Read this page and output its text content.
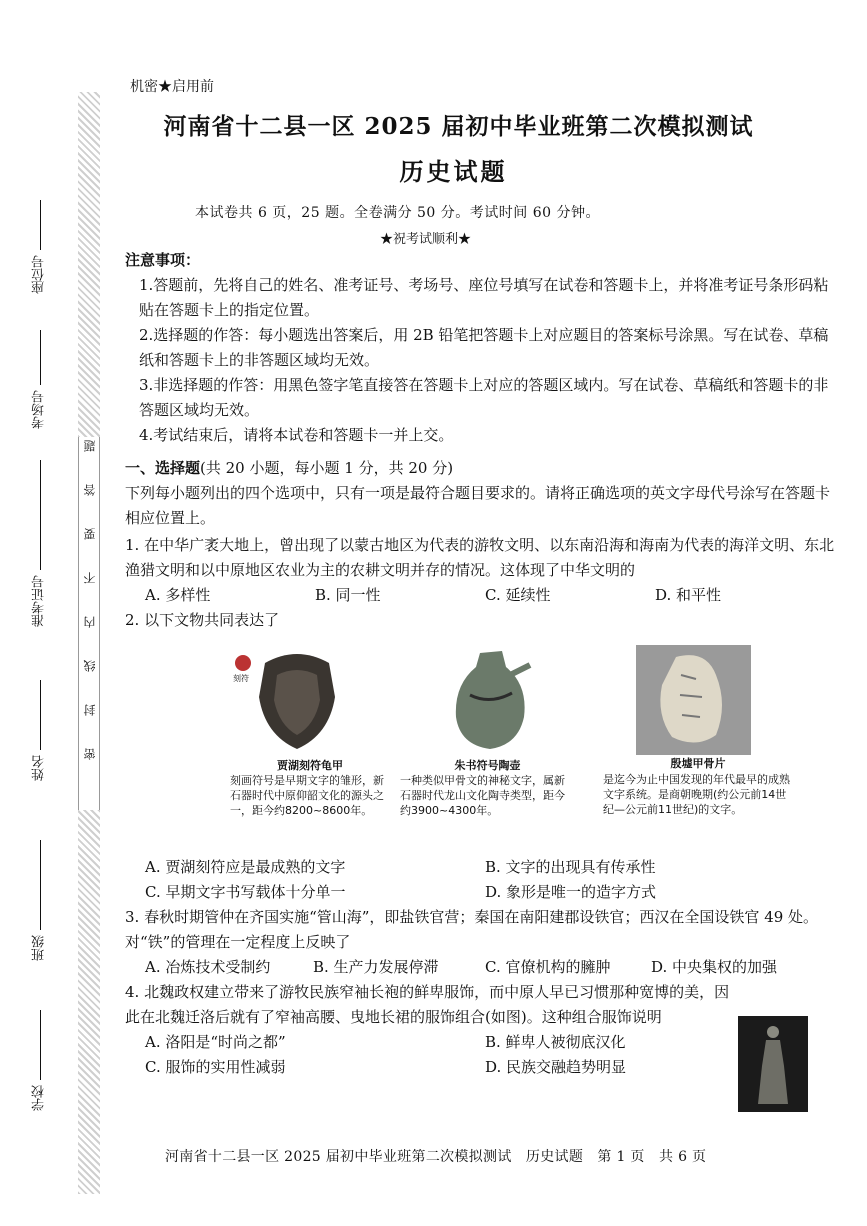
题
答
要
不
内
线
封
密
座位号
考场号
准考证号
姓名
班级
学校
机密★启用前
河南省十二县一区 2025 届初中毕业班第二次模拟测试
历史试题
本试卷共 6 页，25 题。全卷满分 50 分。考试时间 60 分钟。
★祝考试顺利★
注意事项：
1.答题前，先将自己的姓名、准考证号、考场号、座位号填写在试卷和答题卡上，并将准考证号条形码粘贴在答题卡上的指定位置。
2.选择题的作答：每小题选出答案后，用 2B 铅笔把答题卡上对应题目的答案标号涂黑。写在试卷、草稿纸和答题卡上的非答题区域均无效。
3.非选择题的作答：用黑色签字笔直接答在答题卡上对应的答题区域内。写在试卷、草稿纸和答题卡的非答题区域均无效。
4.考试结束后，请将本试卷和答题卡一并上交。
一、选择题(共 20 小题，每小题 1 分，共 20 分)
下列每小题列出的四个选项中，只有一项是最符合题目要求的。请将正确选项的英文字母代号涂写在答题卡相应位置上。
1. 在中华广袤大地上，曾出现了以蒙古地区为代表的游牧文明、以东南沿海和海南为代表的海洋文明、东北渔猎文明和以中原地区农业为主的农耕文明并存的情况。这体现了中华文明的
A. 多样性	B. 同一性	C. 延续性	D. 和平性
2. 以下文物共同表达了
刻符
贾湖刻符龟甲
刻画符号是早期文字的雏形，新石器时代中原仰韶文化的源头之一，距今约8200~8600年。
朱书符号陶壶
一种类似甲骨文的神秘文字，属新石器时代龙山文化陶寺类型，距今约3900~4300年。
殷墟甲骨片
是迄今为止中国发现的年代最早的成熟文字系统。是商朝晚期(约公元前14世纪—公元前11世纪)的文字。
A. 贾湖刻符应是最成熟的文字	B. 文字的出现具有传承性
C. 早期文字书写载体十分单一	D. 象形是唯一的造字方式
3. 春秋时期管仲在齐国实施“管山海”，即盐铁官营；秦国在南阳建郡设铁官；西汉在全国设铁官 49 处。对“铁”的管理在一定程度上反映了
A. 冶炼技术受制约	B. 生产力发展停滞	C. 官僚机构的臃肿	D. 中央集权的加强
4. 北魏政权建立带来了游牧民族窄袖长袍的鲜卑服饰，而中原人早已习惯那种宽博的美，因此在北魏迁洛后就有了窄袖高腰、曳地长裙的服饰组合(如图)。这种组合服饰说明
A. 洛阳是“时尚之都”	B. 鲜卑人被彻底汉化
C. 服饰的实用性减弱	D. 民族交融趋势明显
河南省十二县一区 2025 届初中毕业班第二次模拟测试　历史试题　第 1 页　共 6 页
